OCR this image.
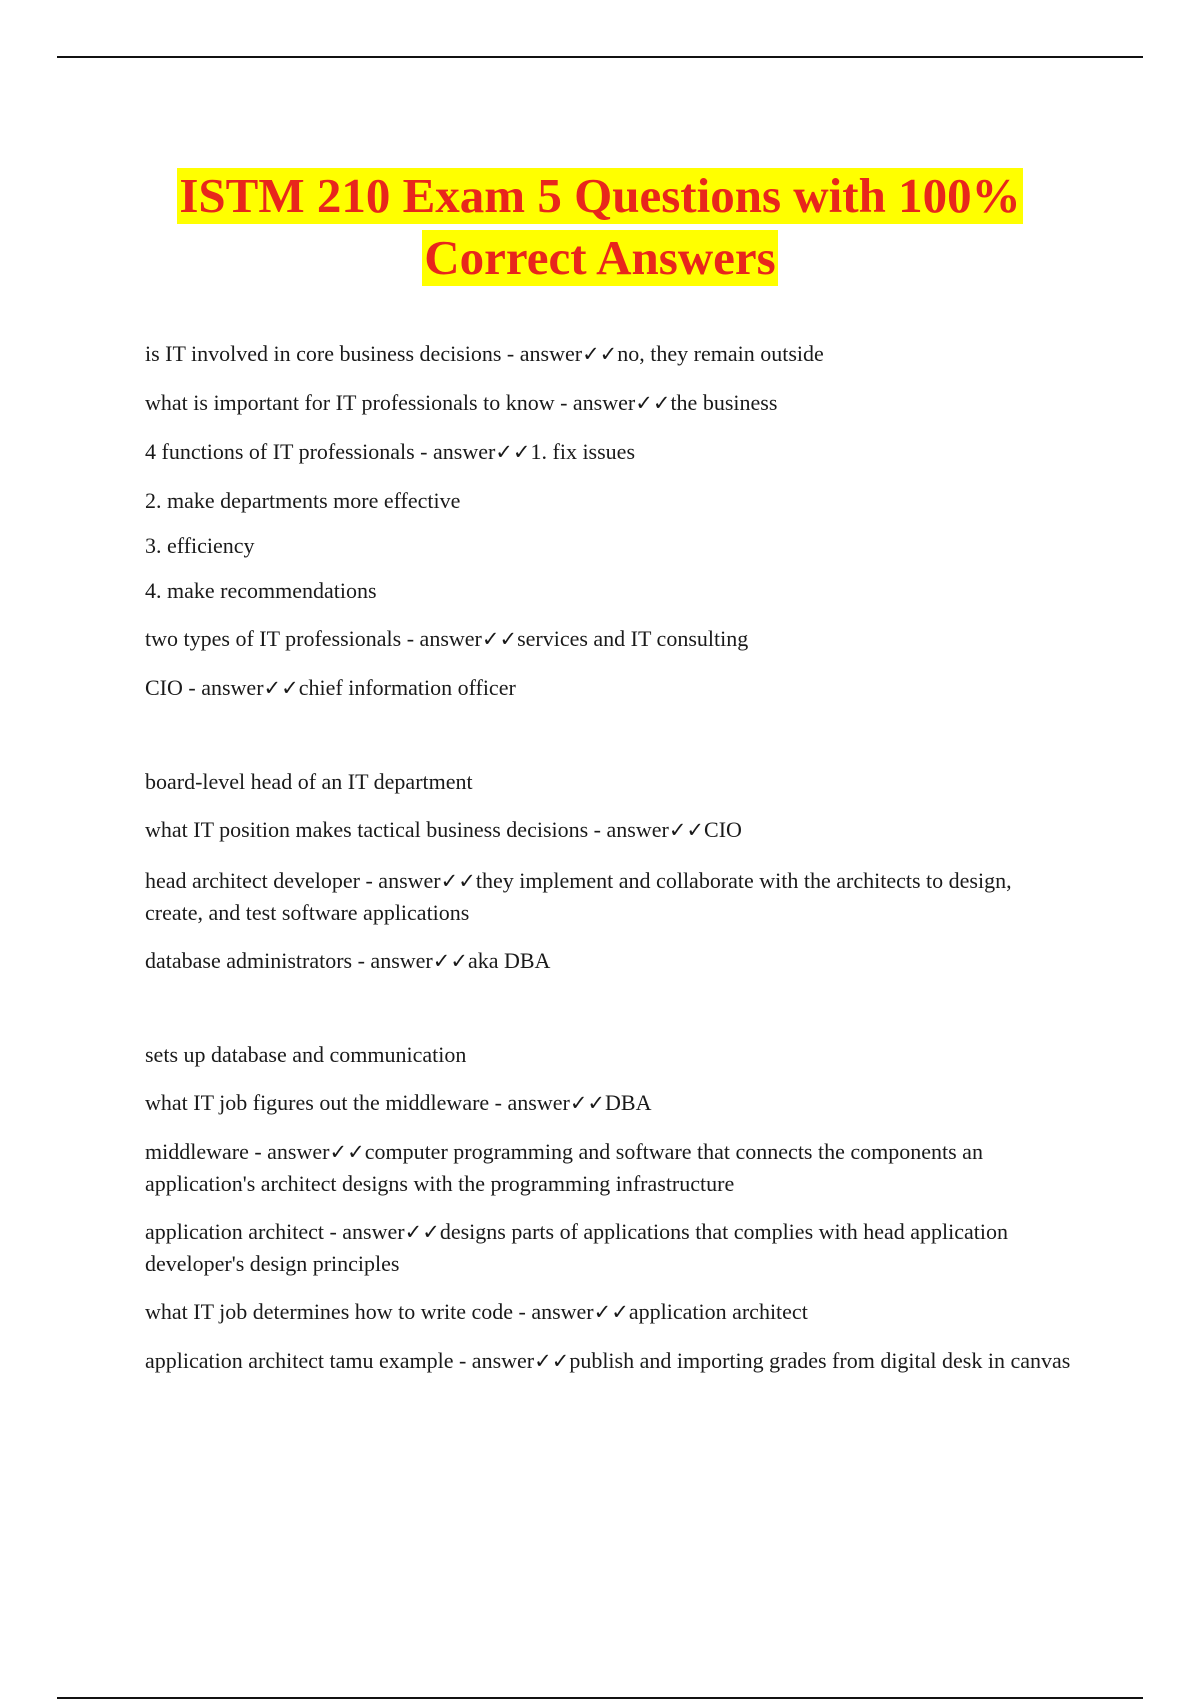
ISTM 210 Exam 5 Questions with 100%
Correct Answers

is IT involved in core business decisions - answer✓✓no, they remain outside

what is important for IT professionals to know - answer✓✓the business

4 functions of IT professionals - answer✓✓1. fix issues

2. make departments more effective

3. efficiency

4. make recommendations

two types of IT professionals - answer✓✓services and IT consulting

CIO - answer✓✓chief information officer

board-level head of an IT department

what IT position makes tactical business decisions - answer✓✓CIO

head architect developer - answer✓✓they implement and collaborate with the architects to design, create, and test software applications

database administrators - answer✓✓aka DBA

sets up database and communication

what IT job figures out the middleware - answer✓✓DBA

middleware - answer✓✓computer programming and software that connects the components an application's architect designs with the programming infrastructure

application architect - answer✓✓designs parts of applications that complies with head application developer's design principles

what IT job determines how to write code - answer✓✓application architect

application architect tamu example - answer✓✓publish and importing grades from digital desk in canvas
